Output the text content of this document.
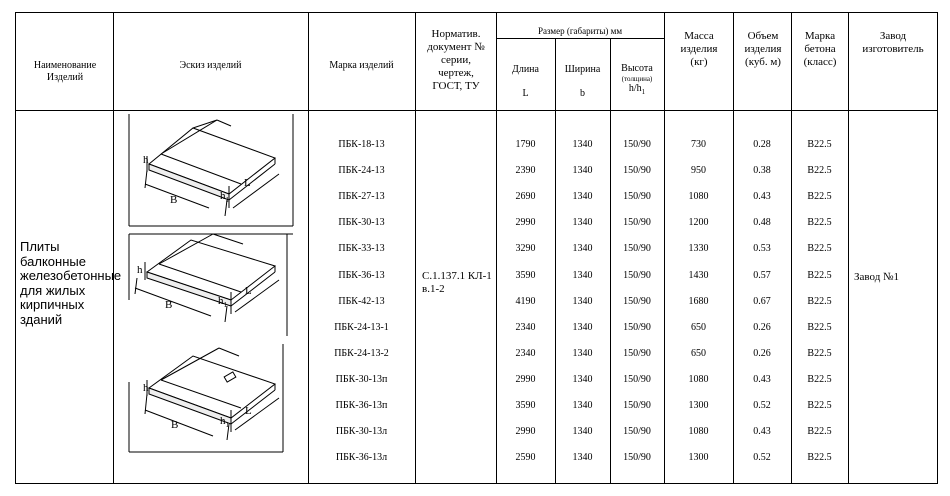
Наименование Изделий
Эскиз изделий	Марка изделий
Норматив. документ № серии, чертеж, ГОСТ, ТУ
Размер (габариты) мм
Длина

L
Ширина

b
Высота
(толщина)
$h/h_1$
Масса изделия (кг)
Объем изделия (куб. м)
Марка бетона (класс)
Завод изготовитель
Плиты балконные железобетонные для жилых кирпичных зданий
С.1.137.1 КЛ-1 в.1-2
Завод №1
h
B	$h_1$
L
h
B	$h_1$
L
h
B	$h_1$
L
ПБК-18-13	1790	1340	150/90	730	0.28	B22.5
ПБК-24-13	2390	1340	150/90	950	0.38	B22.5
ПБК-27-13	2690	1340	150/90	1080	0.43	B22.5
ПБК-30-13	2990	1340	150/90	1200	0.48	B22.5
ПБК-33-13	3290	1340	150/90	1330	0.53	B22.5
ПБК-36-13	3590	1340	150/90	1430	0.57	B22.5
ПБК-42-13	4190	1340	150/90	1680	0.67	B22.5
ПБК-24-13-1	2340	1340	150/90	650	0.26	B22.5
ПБК-24-13-2	2340	1340	150/90	650	0.26	B22.5
ПБК-30-13п	2990	1340	150/90	1080	0.43	B22.5
ПБК-36-13п	3590	1340	150/90	1300	0.52	B22.5
ПБК-30-13л	2990	1340	150/90	1080	0.43	B22.5
ПБК-36-13л	2590	1340	150/90	1300	0.52	B22.5
